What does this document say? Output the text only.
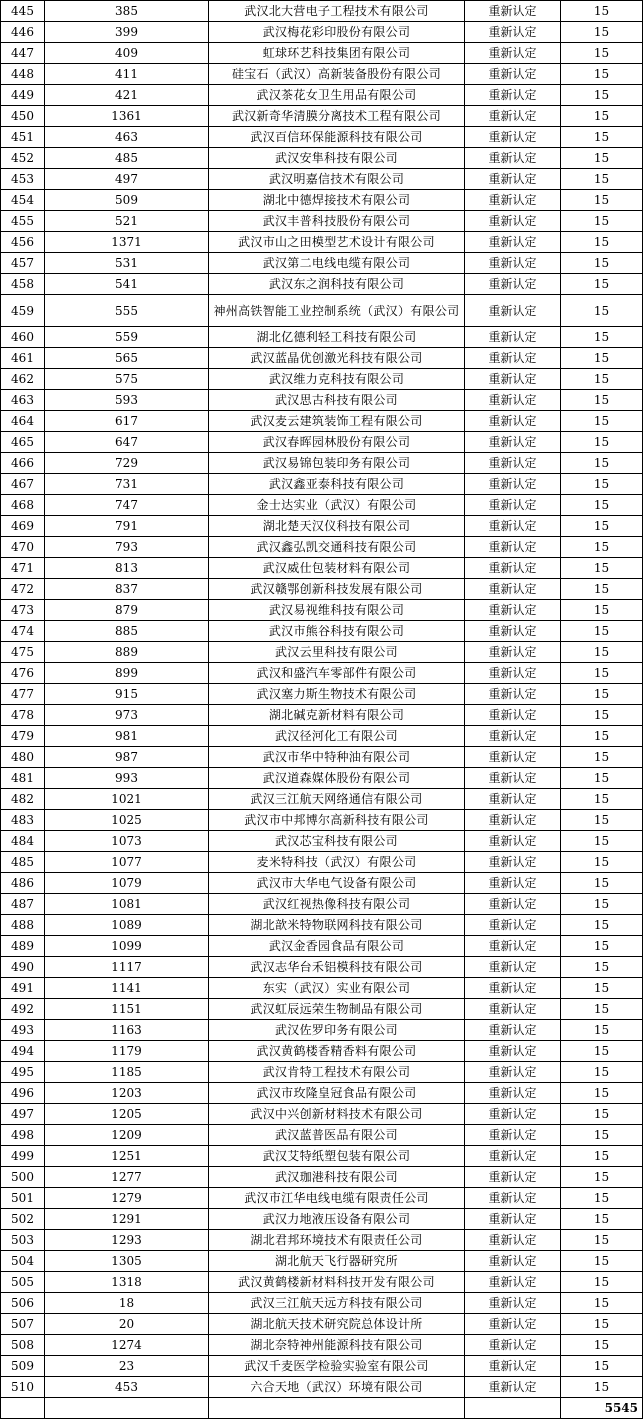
445	385	武汉北大营电子工程技术有限公司	重新认定	15
446	399	武汉梅花彩印股份有限公司	重新认定	15
447	409	虹球环艺科技集团有限公司	重新认定	15
448	411	硅宝石（武汉）高新装备股份有限公司	重新认定	15
449	421	武汉茶花女卫生用品有限公司	重新认定	15
450	1361	武汉新奇华清膜分离技术工程有限公司	重新认定	15
451	463	武汉百信环保能源科技有限公司	重新认定	15
452	485	武汉安隼科技有限公司	重新认定	15
453	497	武汉明嘉信技术有限公司	重新认定	15
454	509	湖北中德焊接技术有限公司	重新认定	15
455	521	武汉丰普科技股份有限公司	重新认定	15
456	1371	武汉市山之田模型艺术设计有限公司	重新认定	15
457	531	武汉第二电线电缆有限公司	重新认定	15
458	541	武汉东之润科技有限公司	重新认定	15
459	555	神州高铁智能工业控制系统（武汉）有限公司	重新认定	15
460	559	湖北亿德利轻工科技有限公司	重新认定	15
461	565	武汉蓝晶优创激光科技有限公司	重新认定	15
462	575	武汉维力克科技有限公司	重新认定	15
463	593	武汉思古科技有限公司	重新认定	15
464	617	武汉麦云建筑装饰工程有限公司	重新认定	15
465	647	武汉春晖园林股份有限公司	重新认定	15
466	729	武汉易锦包装印务有限公司	重新认定	15
467	731	武汉鑫亚泰科技有限公司	重新认定	15
468	747	金士达实业（武汉）有限公司	重新认定	15
469	791	湖北楚天汉仪科技有限公司	重新认定	15
470	793	武汉鑫弘凯交通科技有限公司	重新认定	15
471	813	武汉威仕包装材料有限公司	重新认定	15
472	837	武汉赣鄂创新科技发展有限公司	重新认定	15
473	879	武汉易视维科技有限公司	重新认定	15
474	885	武汉市熊谷科技有限公司	重新认定	15
475	889	武汉云里科技有限公司	重新认定	15
476	899	武汉和盛汽车零部件有限公司	重新认定	15
477	915	武汉塞力斯生物技术有限公司	重新认定	15
478	973	湖北碱克新材料有限公司	重新认定	15
479	981	武汉径河化工有限公司	重新认定	15
480	987	武汉市华中特种油有限公司	重新认定	15
481	993	武汉道森媒体股份有限公司	重新认定	15
482	1021	武汉三江航天网络通信有限公司	重新认定	15
483	1025	武汉市中邦博尔高新科技有限公司	重新认定	15
484	1073	武汉芯宝科技有限公司	重新认定	15
485	1077	麦米特科技（武汉）有限公司	重新认定	15
486	1079	武汉市大华电气设备有限公司	重新认定	15
487	1081	武汉红视热像科技有限公司	重新认定	15
488	1089	湖北歆米特物联网科技有限公司	重新认定	15
489	1099	武汉金香园食品有限公司	重新认定	15
490	1117	武汉志华台禾铝模科技有限公司	重新认定	15
491	1141	东实（武汉）实业有限公司	重新认定	15
492	1151	武汉虹辰远荣生物制品有限公司	重新认定	15
493	1163	武汉佐罗印务有限公司	重新认定	15
494	1179	武汉黄鹤楼香精香料有限公司	重新认定	15
495	1185	武汉肯特工程技术有限公司	重新认定	15
496	1203	武汉市玫隆皇冠食品有限公司	重新认定	15
497	1205	武汉中兴创新材料技术有限公司	重新认定	15
498	1209	武汉蓝普医品有限公司	重新认定	15
499	1251	武汉艾特纸塑包装有限公司	重新认定	15
500	1277	武汉珈港科技有限公司	重新认定	15
501	1279	武汉市江华电线电缆有限责任公司	重新认定	15
502	1291	武汉力地液压设备有限公司	重新认定	15
503	1293	湖北君邦环境技术有限责任公司	重新认定	15
504	1305	湖北航天飞行器研究所	重新认定	15
505	1318	武汉黄鹤楼新材料科技开发有限公司	重新认定	15
506	18	武汉三江航天远方科技有限公司	重新认定	15
507	20	湖北航天技术研究院总体设计所	重新认定	15
508	1274	湖北奈特神州能源科技有限公司	重新认定	15
509	23	武汉千麦医学检验实验室有限公司	重新认定	15
510	453	六合天地（武汉）环境有限公司	重新认定	15
				5545
